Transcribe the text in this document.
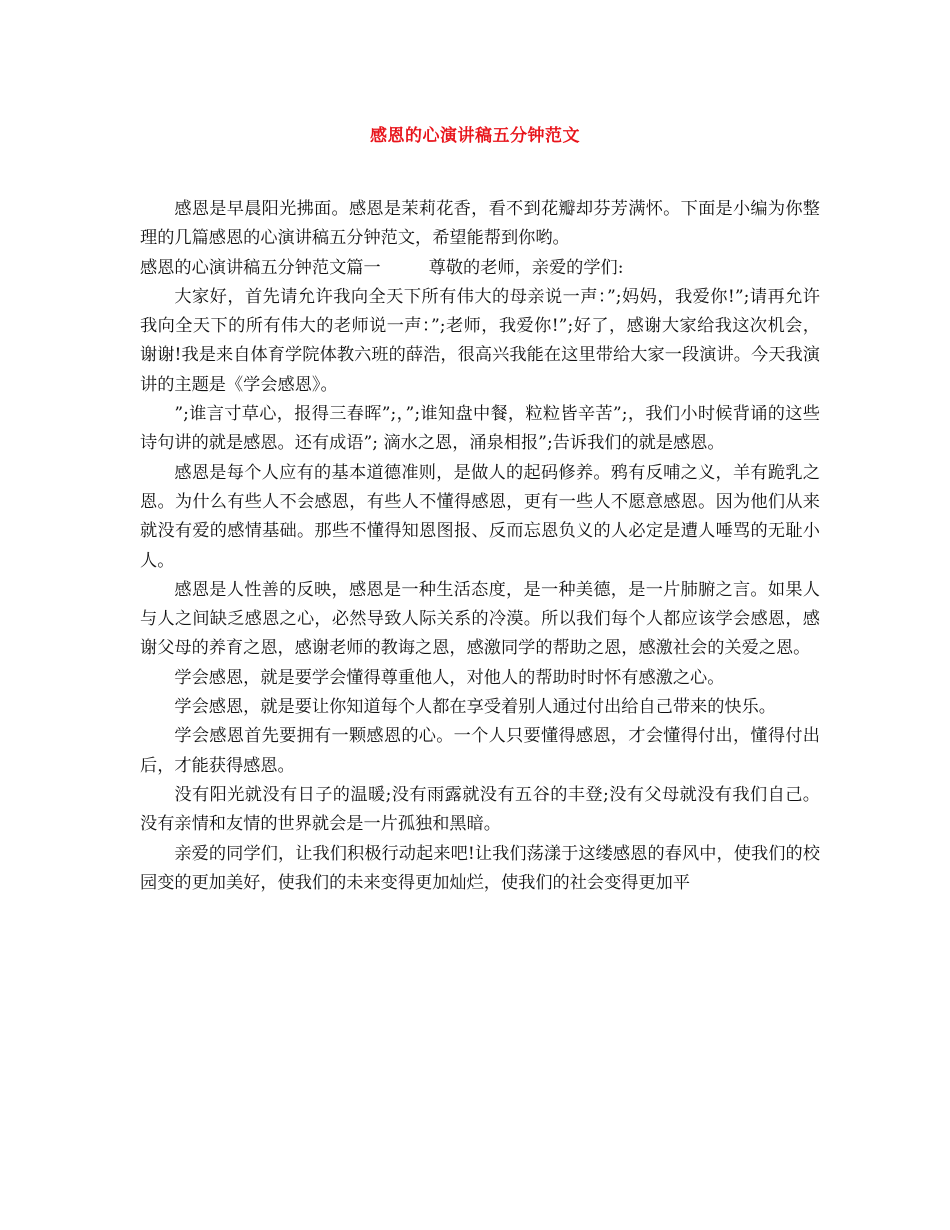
感恩的心演讲稿五分钟范文

感恩是早晨阳光拂面。感恩是茉莉花香，看不到花瓣却芬芳满怀。下面是小编为你整理的几篇感恩的心演讲稿五分钟范文，希望能帮到你哟。

感恩的心演讲稿五分钟范文篇一	尊敬的老师，亲爱的学们:

大家好，首先请允许我向全天下所有伟大的母亲说一声：”;妈妈，我爱你!”;请再允许我向全天下的所有伟大的老师说一声：”;老师，我爱你!”;好了，感谢大家给我这次机会，谢谢!我是来自体育学院体教六班的薛浩，很高兴我能在这里带给大家一段演讲。今天我演讲的主题是《学会感恩》。

”;谁言寸草心，报得三春晖”;，”;谁知盘中餐，粒粒皆辛苦”;，我们小时候背诵的这些诗句讲的就是感恩。还有成语”; 滴水之恩，涌泉相报”;告诉我们的就是感恩。

感恩是每个人应有的基本道德准则，是做人的起码修养。鸦有反哺之义，羊有跪乳之恩。为什么有些人不会感恩，有些人不懂得感恩，更有一些人不愿意感恩。因为他们从来就没有爱的感情基础。那些不懂得知恩图报、反而忘恩负义的人必定是遭人唾骂的无耻小人。

感恩是人性善的反映，感恩是一种生活态度，是一种美德，是一片肺腑之言。如果人与人之间缺乏感恩之心，必然导致人际关系的冷漠。所以我们每个人都应该学会感恩，感谢父母的养育之恩，感谢老师的教诲之恩，感激同学的帮助之恩，感激社会的关爱之恩。

学会感恩，就是要学会懂得尊重他人，对他人的帮助时时怀有感激之心。

学会感恩，就是要让你知道每个人都在享受着别人通过付出给自己带来的快乐。

学会感恩首先要拥有一颗感恩的心。一个人只要懂得感恩，才会懂得付出，懂得付出后，才能获得感恩。

没有阳光就没有日子的温暖;没有雨露就没有五谷的丰登;没有父母就没有我们自己。没有亲情和友情的世界就会是一片孤独和黑暗。

亲爱的同学们，让我们积极行动起来吧!让我们荡漾于这缕感恩的春风中，使我们的校园变的更加美好，使我们的未来变得更加灿烂，使我们的社会变得更加平
